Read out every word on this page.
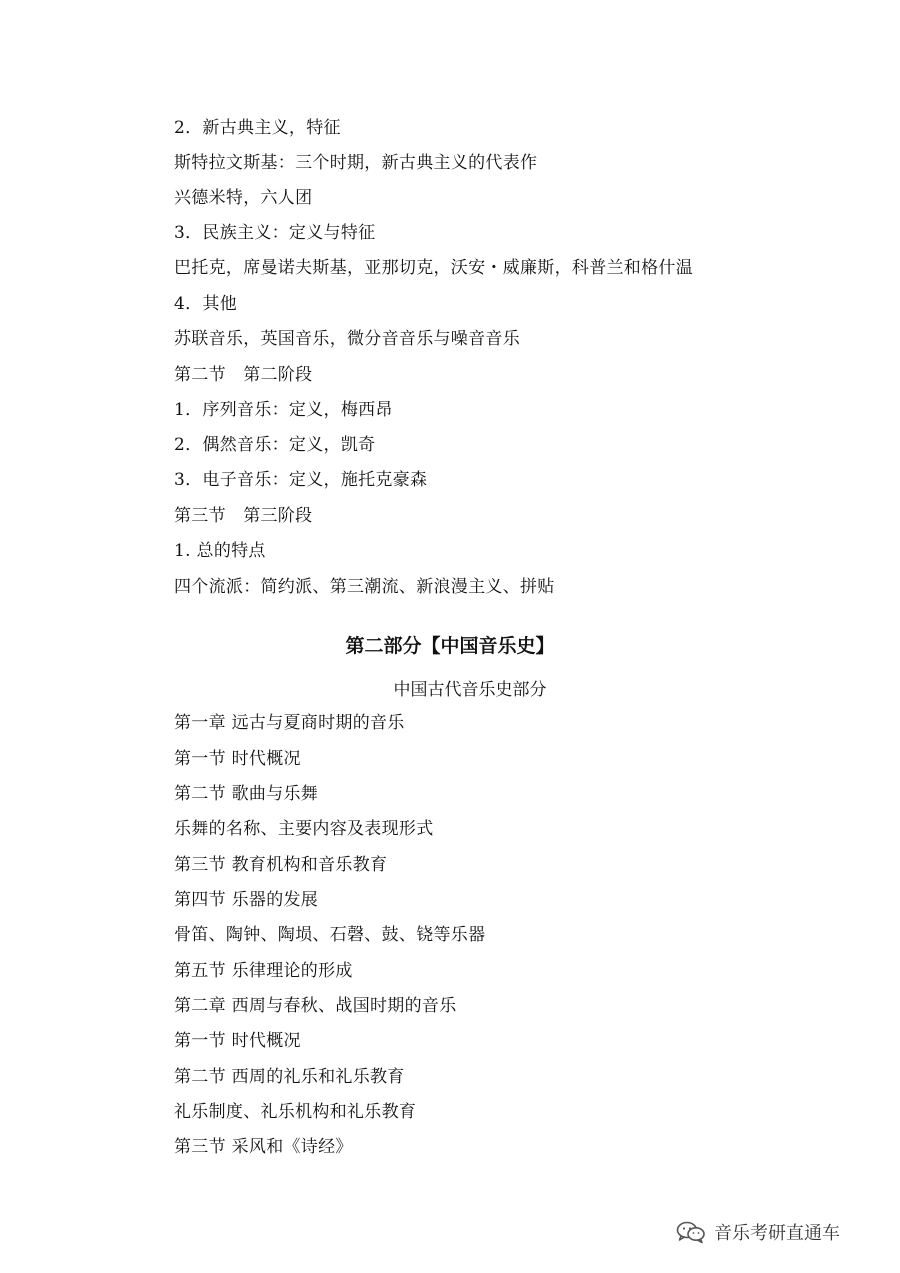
2．新古典主义，特征
斯特拉文斯基：三个时期，新古典主义的代表作
兴德米特，六人团
3．民族主义：定义与特征
巴托克，席曼诺夫斯基，亚那切克，沃安・威廉斯，科普兰和格什温
4．其他
苏联音乐，英国音乐，微分音音乐与噪音音乐
第二节　第二阶段
1．序列音乐：定义，梅西昂
2．偶然音乐：定义，凯奇
3．电子音乐：定义，施托克豪森
第三节　第三阶段
1. 总的特点
四个流派：简约派、第三潮流、新浪漫主义、拼贴
第二部分【中国音乐史】
中国古代音乐史部分
第一章 远古与夏商时期的音乐
第一节 时代概况
第二节 歌曲与乐舞
乐舞的名称、主要内容及表现形式
第三节 教育机构和音乐教育
第四节 乐器的发展
骨笛、陶钟、陶埙、石磬、鼓、铙等乐器
第五节 乐律理论的形成
第二章 西周与春秋、战国时期的音乐
第一节 时代概况
第二节 西周的礼乐和礼乐教育
礼乐制度、礼乐机构和礼乐教育
第三节 采风和《诗经》
音乐考研直通车
